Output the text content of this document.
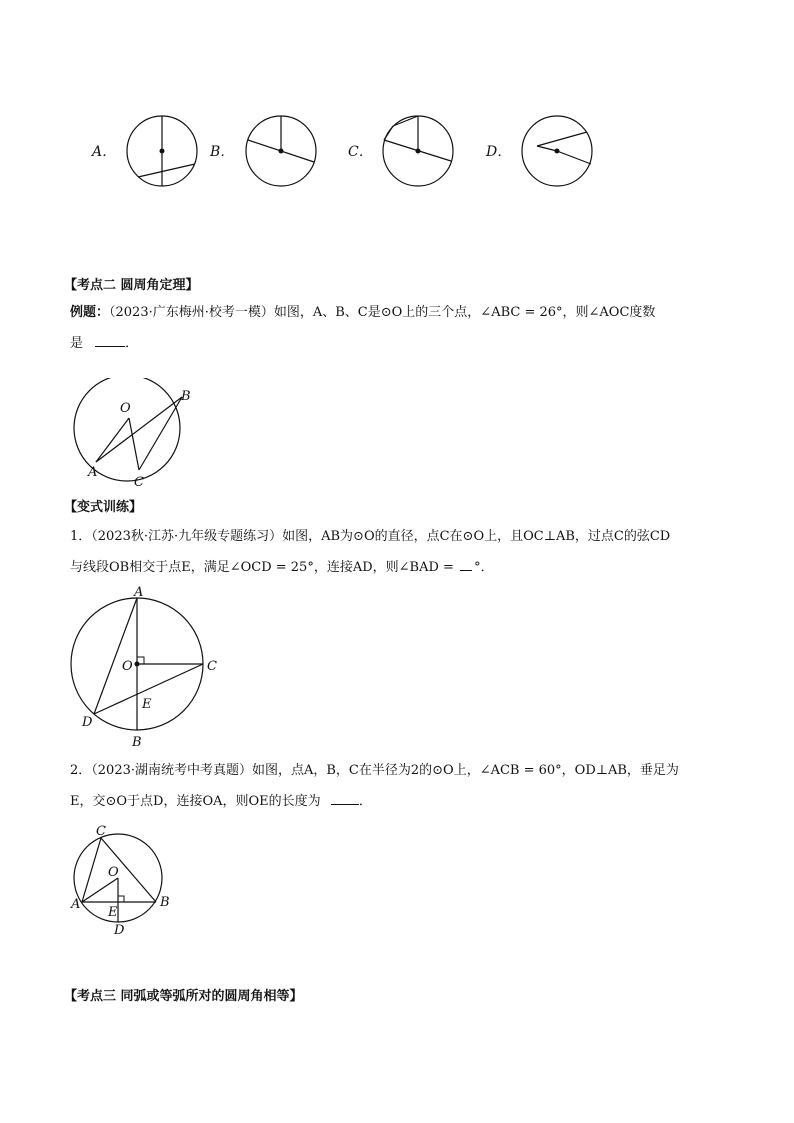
A．	B．	C．	D．
【考点二 圆周角定理】
例题：（2023·广东梅州·校考一模）如图，A、B、C是⊙O上的三个点，∠ABC = 26°，则∠AOC度数
是	．
O
A
B
C
【变式训练】
1．（2023秋·江苏·九年级专题练习）如图，AB为⊙O的直径，点C在⊙O上，且OC⊥AB，过点C的弦CD
与线段OB相交于点E，满足∠OCD = 25°，连接AD，则∠BAD = °．
A
B
C
D
E
O
2．（2023·湖南统考中考真题）如图，点A，B，C在半径为2的⊙O上，∠ACB = 60°，OD⊥AB，垂足为
E，交⊙O于点D，连接OA，则OE的长度为	．
C
O
A	B
E
D
【考点三 同弧或等弧所对的圆周角相等】
